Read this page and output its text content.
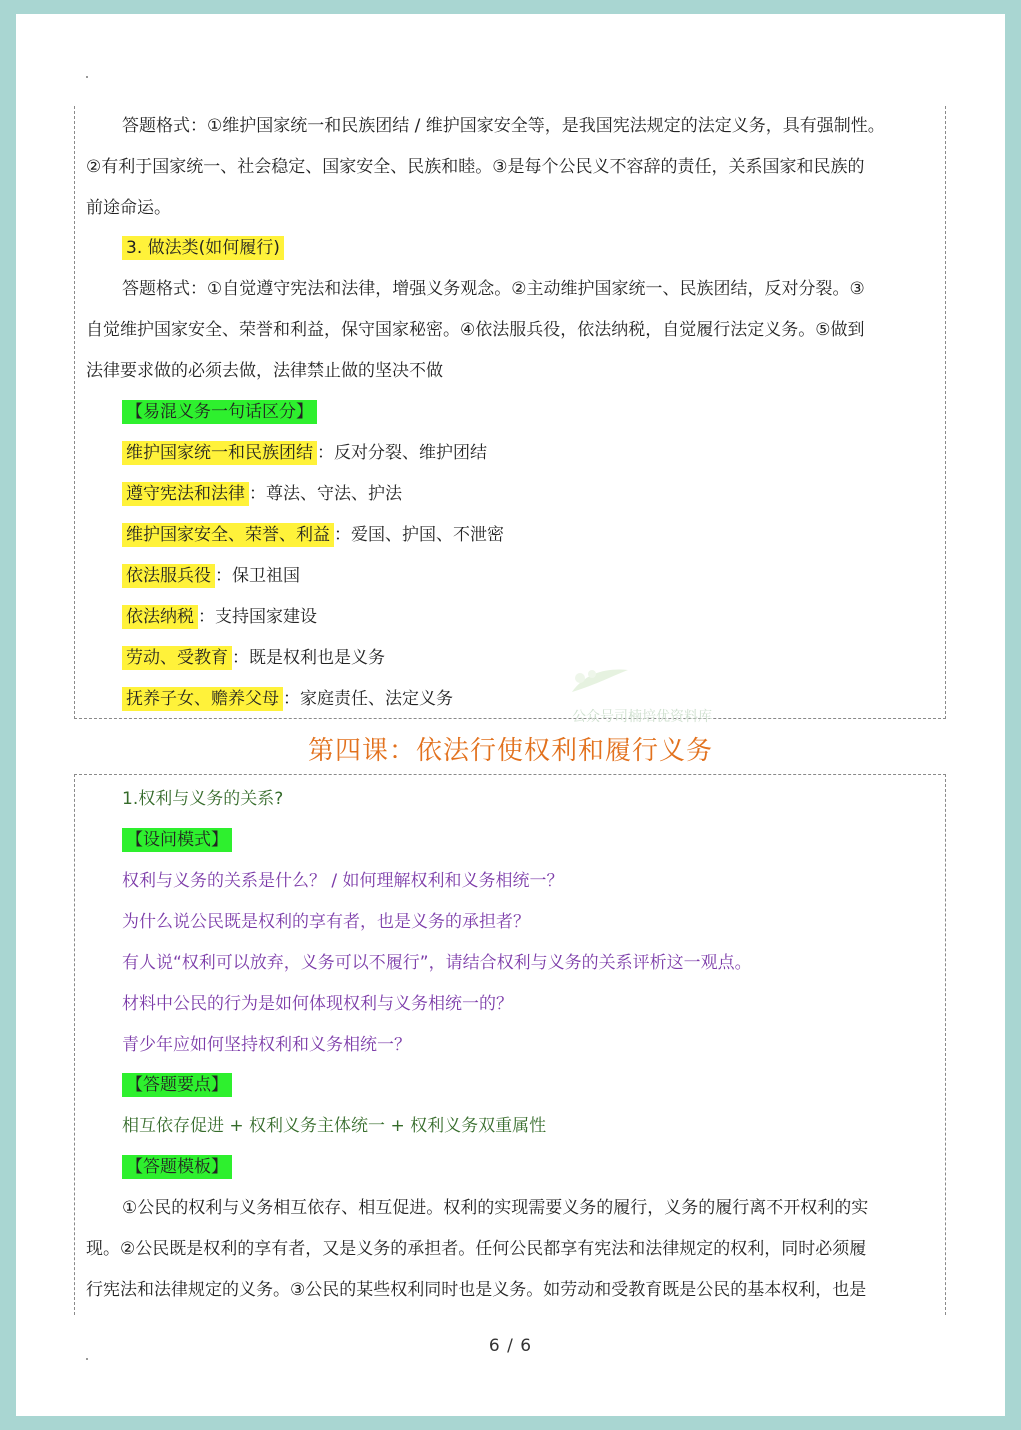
答题格式：①维护国家统一和民族团结 / 维护国家安全等，是我国宪法规定的法定义务，具有强制性。
②有利于国家统一、社会稳定、国家安全、民族和睦。③是每个公民义不容辞的责任，关系国家和民族的
前途命运。
3. 做法类(如何履行)
答题格式：①自觉遵守宪法和法律，增强义务观念。②主动维护国家统一、民族团结，反对分裂。③
自觉维护国家安全、荣誉和利益，保守国家秘密。④依法服兵役，依法纳税，自觉履行法定义务。⑤做到
法律要求做的必须去做，法律禁止做的坚决不做
【易混义务一句话区分】
维护国家统一和民族团结 ：反对分裂、维护团结
遵守宪法和法律 ：尊法、守法、护法
维护国家安全、荣誉、利益 ：爱国、护国、不泄密
依法服兵役 ：保卫祖国
依法纳税 ：支持国家建设
劳动、受教育 ：既是权利也是义务
抚养子女、赡养父母 ：家庭责任、法定义务
公众号司楠培优资料库
第四课：依法行使权利和履行义务
1.权利与义务的关系?
【设问模式】
权利与义务的关系是什么？ / 如何理解权利和义务相统一？
为什么说公民既是权利的享有者，也是义务的承担者？
有人说“权利可以放弃，义务可以不履行”，请结合权利与义务的关系评析这一观点。
材料中公民的行为是如何体现权利与义务相统一的？
青少年应如何坚持权利和义务相统一？
【答题要点】
相互依存促进 + 权利义务主体统一 + 权利义务双重属性
【答题模板】
①公民的权利与义务相互依存、相互促进。权利的实现需要义务的履行，义务的履行离不开权利的实
现。②公民既是权利的享有者，又是义务的承担者。任何公民都享有宪法和法律规定的权利，同时必须履
行宪法和法律规定的义务。③公民的某些权利同时也是义务。如劳动和受教育既是公民的基本权利，也是
6 / 6
